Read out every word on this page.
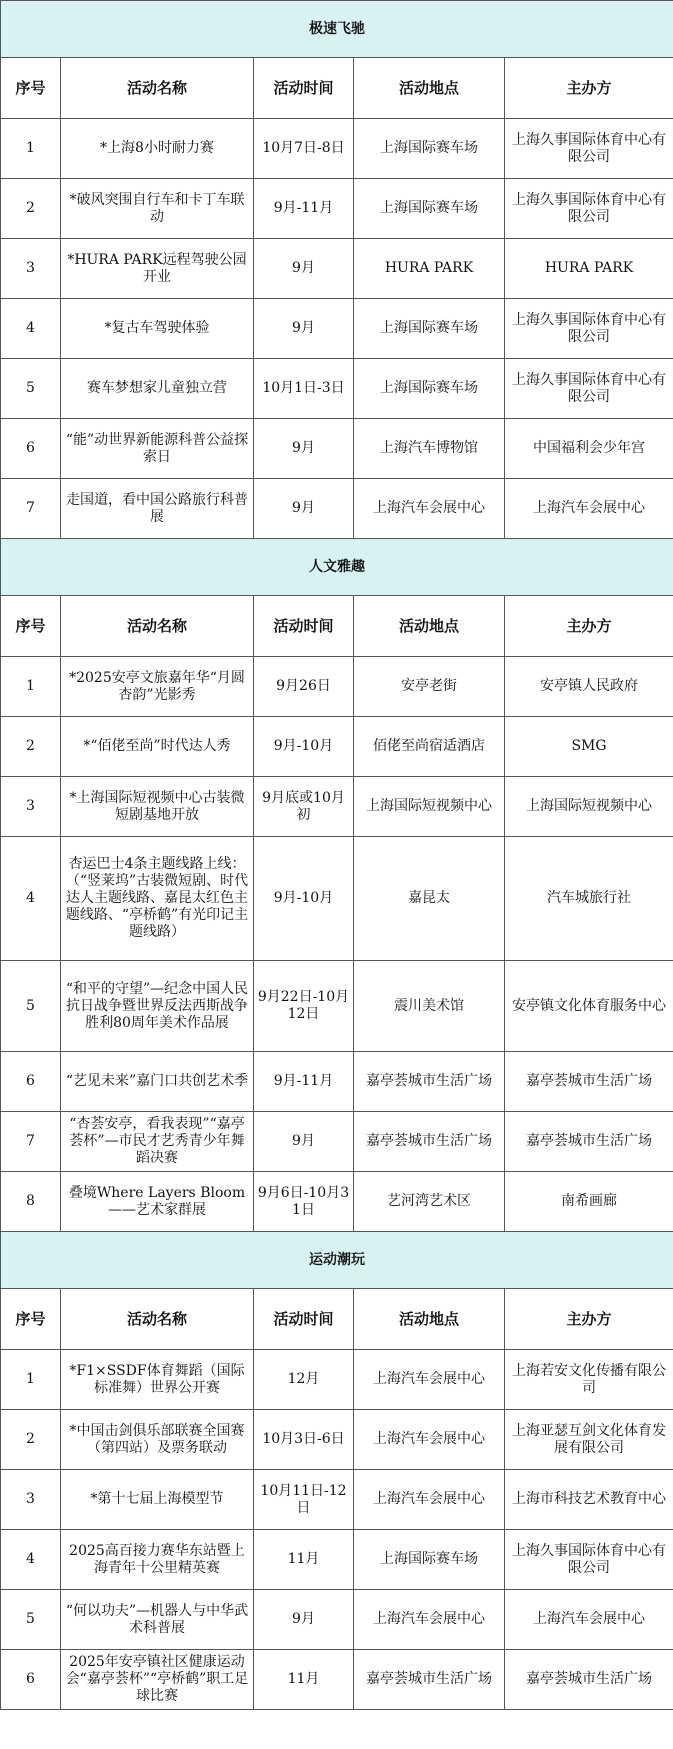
极速飞驰				
序号	活动名称	活动时间	活动地点	主办方
1	*上海8小时耐力赛	10月7日-8日	上海国际赛车场	上海久事国际体育中心有限公司
2	*破风突围自行车和卡丁车联动	9月-11月	上海国际赛车场	上海久事国际体育中心有限公司
3	*HURA PARK远程驾驶公园开业	9月	HURA PARK	HURA PARK
4	*复古车驾驶体验	9月	上海国际赛车场	上海久事国际体育中心有限公司
5	赛车梦想家儿童独立营	10月1日-3日	上海国际赛车场	上海久事国际体育中心有限公司
6	“能”动世界新能源科普公益探索日	9月	上海汽车博物馆	中国福利会少年宫
7	走国道，看中国公路旅行科普展	9月	上海汽车会展中心	上海汽车会展中心
人文雅趣				
序号	活动名称	活动时间	活动地点	主办方
1	*2025安亭文旅嘉年华“月圆杏韵”光影秀	9月26日	安亭老街	安亭镇人民政府
2	*“佰佬至尚”时代达人秀	9月-10月	佰佬至尚宿适酒店	SMG
3	*上海国际短视频中心古装微短剧基地开放	9月底或10月初	上海国际短视频中心	上海国际短视频中心
4	杏运巴士4条主题线路上线：（“竖莱坞”古装微短剧、时代达人主题线路、嘉昆太红色主题线路、“亭桥鹤”有光印记主题线路）	9月-10月	嘉昆太	汽车城旅行社
5	“和平的守望”—纪念中国人民抗日战争暨世界反法西斯战争胜利80周年美术作品展	9月22日-10月12日	震川美术馆	安亭镇文化体育服务中心
6	“艺见未来”嘉门口共创艺术季	9月-11月	嘉亭荟城市生活广场	嘉亭荟城市生活广场
7	“杏荟安亭，看我表现”“嘉亭荟杯”—市民才艺秀青少年舞蹈决赛	9月	嘉亭荟城市生活广场	嘉亭荟城市生活广场
8	叠境Where Layers Bloom——艺术家群展	9月6日-10月31日	艺河湾艺术区	南希画廊
运动潮玩				
序号	活动名称	活动时间	活动地点	主办方
1	*F1×SSDF体育舞蹈（国际标准舞）世界公开赛	12月	上海汽车会展中心	上海若安文化传播有限公司
2	*中国击剑俱乐部联赛全国赛（第四站）及票务联动	10月3日-6日	上海汽车会展中心	上海亚瑟互剑文化体育发展有限公司
3	*第十七届上海模型节	10月11日-12日	上海汽车会展中心	上海市科技艺术教育中心
4	2025高百接力赛华东站暨上海青年十公里精英赛	11月	上海国际赛车场	上海久事国际体育中心有限公司
5	“何以功夫”—机器人与中华武术科普展	9月	上海汽车会展中心	上海汽车会展中心
6	2025年安亭镇社区健康运动会“嘉亭荟杯”“亭桥鹤”职工足球比赛	11月	嘉亭荟城市生活广场	嘉亭荟城市生活广场
